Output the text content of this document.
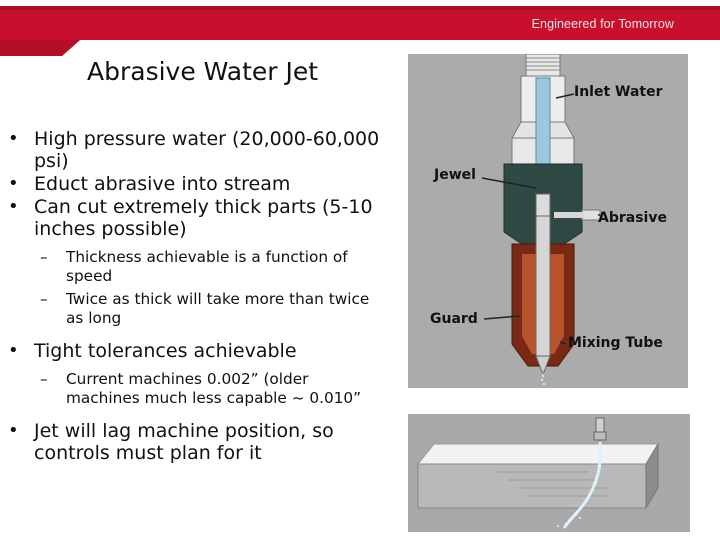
Engineered for Tomorrow
Abrasive Water Jet
• High pressure water (20,000-60,000 psi)
• Educt abrasive into stream
• Can cut extremely thick parts (5-10 inches possible)
– Thickness achievable is a function of speed
– Twice as thick will take more than twice as long
• Tight tolerances achievable
– Current machines 0.002” (older machines much less capable ~ 0.010”
• Jet will lag machine position, so controls must plan for it
Inlet Water
Jewel
Abrasive
Guard
Mixing Tube
